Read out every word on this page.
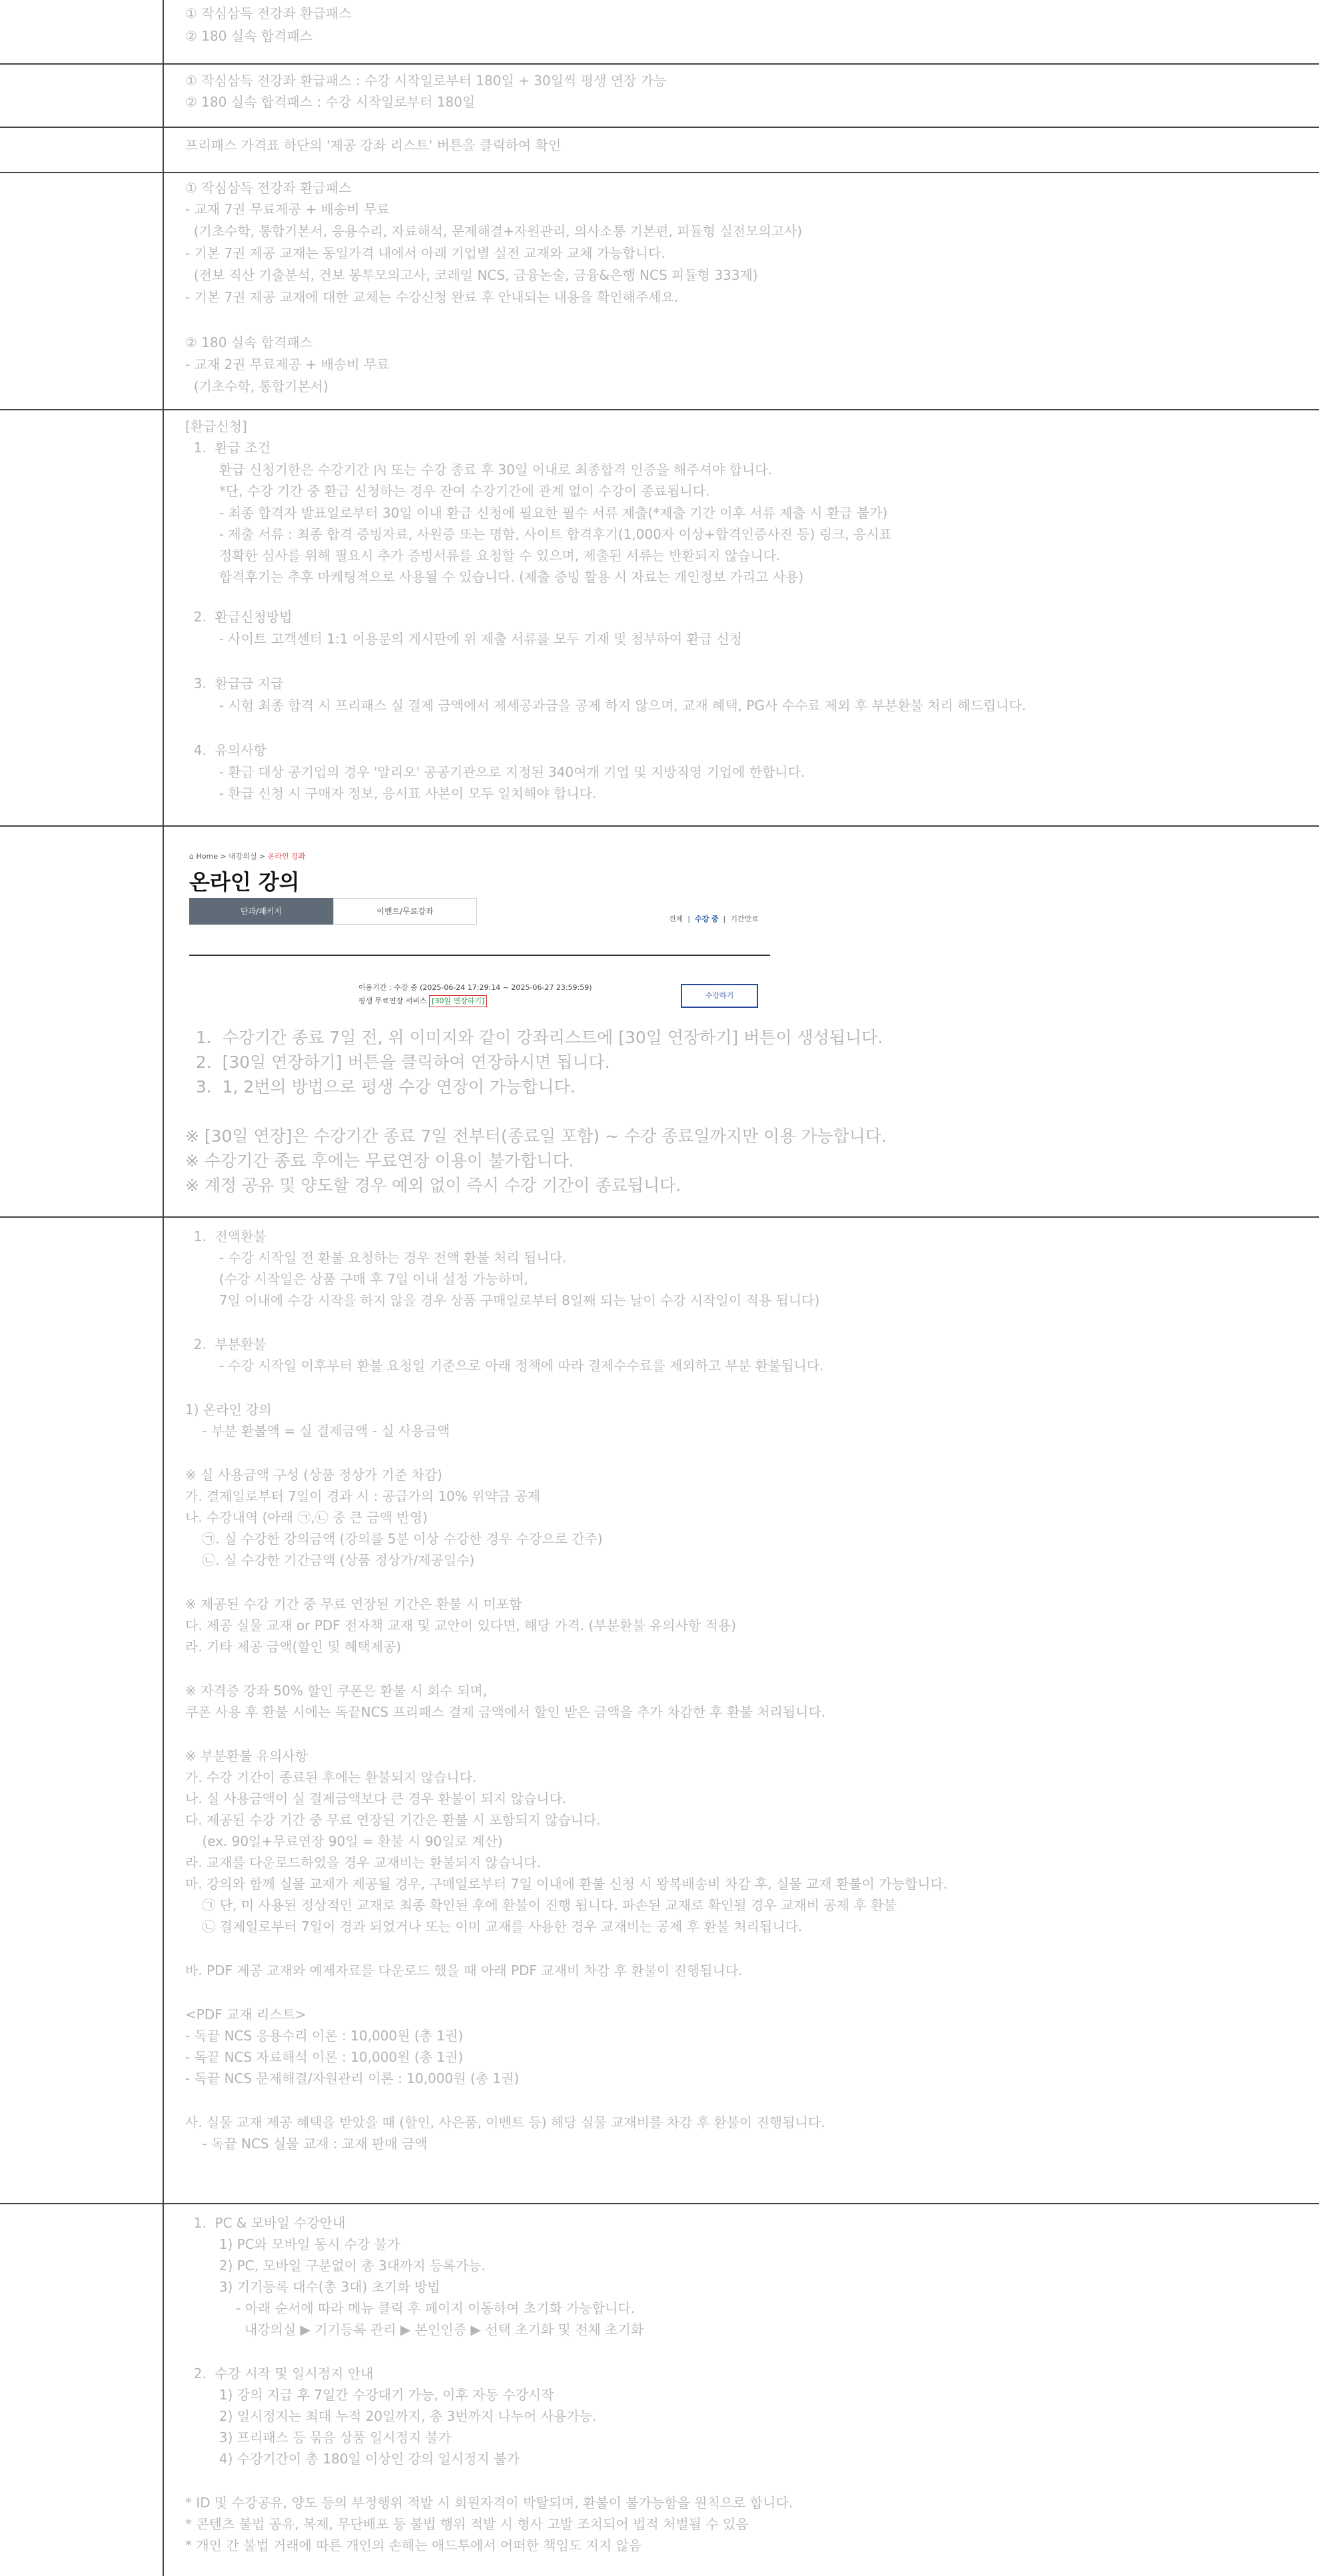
① 작심삼득 전강좌 환급패스
② 180 실속 합격패스
① 작심삼득 전강좌 환급패스 : 수강 시작일로부터 180일 + 30일씩 평생 연장 가능
② 180 실속 합격패스 : 수강 시작일로부터 180일
프리패스 가격표 하단의 '제공 강좌 리스트' 버튼을 클릭하여 확인
① 작심삼득 전강좌 환급패스
- 교재 7권 무료제공 + 배송비 무료
(기초수학, 통합기본서, 응용수리, 자료해석, 문제해결+자원관리, 의사소통 기본편, 피듈형 실전모의고사)
- 기본 7권 제공 교재는 동일가격 내에서 아래 기업별 실전 교재와 교체 가능합니다.
(전보 직산 기출분석, 건보 봉투모의고사, 코레일 NCS, 금융논술, 금융&은행 NCS 피듈형 333제)
- 기본 7권 제공 교재에 대한 교체는 수강신청 완료 후 안내되는 내용을 확인해주세요.
② 180 실속 합격패스
- 교재 2권 무료제공 + 배송비 무료
(기초수학, 통합기본서)
[환급신청]
1.  환급 조건
환급 신청기한은 수강기간 內 또는 수강 종료 후 30일 이내로 최종합격 인증을 해주셔야 합니다.
*단, 수강 기간 중 환급 신청하는 경우 잔여 수강기간에 관계 없이 수강이 종료됩니다.
- 최종 합격자 발표일로부터 30일 이내 환급 신청에 필요한 필수 서류 제출(*제출 기간 이후 서류 제출 시 환급 불가)
- 제출 서류 : 최종 합격 증빙자료, 사원증 또는 명함, 사이트 합격후기(1,000자 이상+합격인증사진 등) 링크, 응시표
정확한 심사를 위해 필요시 추가 증빙서류를 요청할 수 있으며, 제출된 서류는 반환되지 않습니다.
합격후기는 추후 마케팅적으로 사용될 수 있습니다. (제출 증빙 활용 시 자료는 개인정보 가리고 사용)
2.  환급신청방법
- 사이트 고객센터 1:1 이용문의 게시판에 위 제출 서류를 모두 기재 및 첨부하여 환급 신청
3.  환급금 지급
- 시험 최종 합격 시 프리패스 실 결제 금액에서 제세공과금을 공제 하지 않으며, 교재 혜택, PG사 수수료 제외 후 부분환불 처리 해드립니다.
4.  유의사항
- 환급 대상 공기업의 경우 '알리오' 공공기관으로 지정된 340여개 기업 및 지방직영 기업에 한합니다.
- 환급 신청 시 구매자 정보, 응시표 사본이 모두 일치해야 합니다.
⌂ Home > 내강의실 > 온라인 강좌
온라인 강의
단과/패키지	이벤트/무료강좌
전체  |  수강 중  |  기간만료
이용기간 : 수강 중 (2025-06-24 17:29:14 ~ 2025-06-27 23:59:59)
평생 무료연장 서비스 [30일 연장하기]
수강하기
1.  수강기간 종료 7일 전, 위 이미지와 같이 강좌리스트에 [30일 연장하기] 버튼이 생성됩니다.
2.  [30일 연장하기] 버튼을 클릭하여 연장하시면 됩니다.
3.  1, 2번의 방법으로 평생 수강 연장이 가능합니다.
※ [30일 연장]은 수강기간 종료 7일 전부터(종료일 포함) ~ 수강 종료일까지만 이용 가능합니다.
※ 수강기간 종료 후에는 무료연장 이용이 불가합니다.
※ 계정 공유 및 양도할 경우 예외 없이 즉시 수강 기간이 종료됩니다.
1.  전액환불
- 수강 시작일 전 환불 요청하는 경우 전액 환불 처리 됩니다.
(수강 시작일은 상품 구매 후 7일 이내 설정 가능하며,
7일 이내에 수강 시작을 하지 않을 경우 상품 구매일로부터 8일째 되는 날이 수강 시작일이 적용 됩니다)
2.  부분환불
- 수강 시작일 이후부터 환불 요청일 기준으로 아래 정책에 따라 결제수수료를 제외하고 부분 환불됩니다.
1) 온라인 강의
- 부분 환불액 = 실 결제금액 - 실 사용금액
※ 실 사용금액 구성 (상품 정상가 기준 차감)
가. 결제일로부터 7일이 경과 시 : 공급가의 10% 위약금 공제
나. 수강내역 (아래 ㉠,㉡ 중 큰 금액 반영)
㉠. 실 수강한 강의금액 (강의를 5분 이상 수강한 경우 수강으로 간주)
㉡. 실 수강한 기간금액 (상품 정상가/제공일수)
※ 제공된 수강 기간 중 무료 연장된 기간은 환불 시 미포함
다. 제공 실물 교재 or PDF 전자책 교재 및 교안이 있다면, 해당 가격. (부분환불 유의사항 적용)
라. 기타 제공 금액(할인 및 혜택제공)
※ 자격증 강좌 50% 할인 쿠폰은 환불 시 회수 되며,
쿠폰 사용 후 환불 시에는 독끝NCS 프리패스 결제 금액에서 할인 받은 금액을 추가 차감한 후 환불 처리됩니다.
※ 부분환불 유의사항
가. 수강 기간이 종료된 후에는 환불되지 않습니다.
나. 실 사용금액이 실 결제금액보다 큰 경우 환불이 되지 않습니다.
다. 제공된 수강 기간 중 무료 연장된 기간은 환불 시 포함되지 않습니다.
(ex. 90일+무료연장 90일 = 환불 시 90일로 계산)
라. 교재를 다운로드하였을 경우 교재비는 환불되지 않습니다.
마. 강의와 함께 실물 교재가 제공될 경우, 구매일로부터 7일 이내에 환불 신청 시 왕복배송비 차감 후, 실물 교재 환불이 가능합니다.
㉠ 단, 미 사용된 정상적인 교재로 최종 확인된 후에 환불이 진행 됩니다. 파손된 교재로 확인될 경우 교재비 공제 후 환불
㉡ 결제일로부터 7일이 경과 되었거나 또는 이미 교재를 사용한 경우 교재비는 공제 후 환불 처리됩니다.
바. PDF 제공 교재와 예제자료를 다운로드 했을 때 아래 PDF 교재비 차감 후 환불이 진행됩니다.
<PDF 교재 리스트>
- 독끝 NCS 응용수리 이론 : 10,000원 (총 1권)
- 독끝 NCS 자료해석 이론 : 10,000원 (총 1권)
- 독끝 NCS 문제해결/자원관리 이론 : 10,000원 (총 1권)
사. 실물 교재 제공 혜택을 받았을 때 (할인, 사은품, 이벤트 등) 해당 실물 교재비를 차감 후 환불이 진행됩니다.
- 독끝 NCS 실물 교재 : 교재 판매 금액
1.  PC & 모바일 수강안내
1) PC와 모바일 동시 수강 불가
2) PC, 모바일 구분없이 총 3대까지 등록가능.
3) 기기등록 대수(총 3대) 초기화 방법
- 아래 순서에 따라 메뉴 클릭 후 페이지 이동하여 초기화 가능합니다.
내강의실 ▶ 기기등록 관리 ▶ 본인인증 ▶ 선택 초기화 및 전체 초기화
2.  수강 시작 및 일시정지 안내
1) 강의 지급 후 7일간 수강대기 가능, 이후 자동 수강시작
2) 일시정지는 최대 누적 20일까지, 총 3번까지 나누어 사용가능.
3) 프리패스 등 묶음 상품 일시정지 불가
4) 수강기간이 총 180일 이상인 강의 일시정지 불가
* ID 및 수강공유, 양도 등의 부정행위 적발 시 회원자격이 박탈되며, 환불이 불가능함을 원칙으로 합니다.
* 콘텐츠 불법 공유, 복제, 무단배포 등 불법 행위 적발 시 형사 고발 조치되어 법적 처벌될 수 있음
* 개인 간 불법 거래에 따른 개인의 손해는 애드투에서 어떠한 책임도 지지 않음
